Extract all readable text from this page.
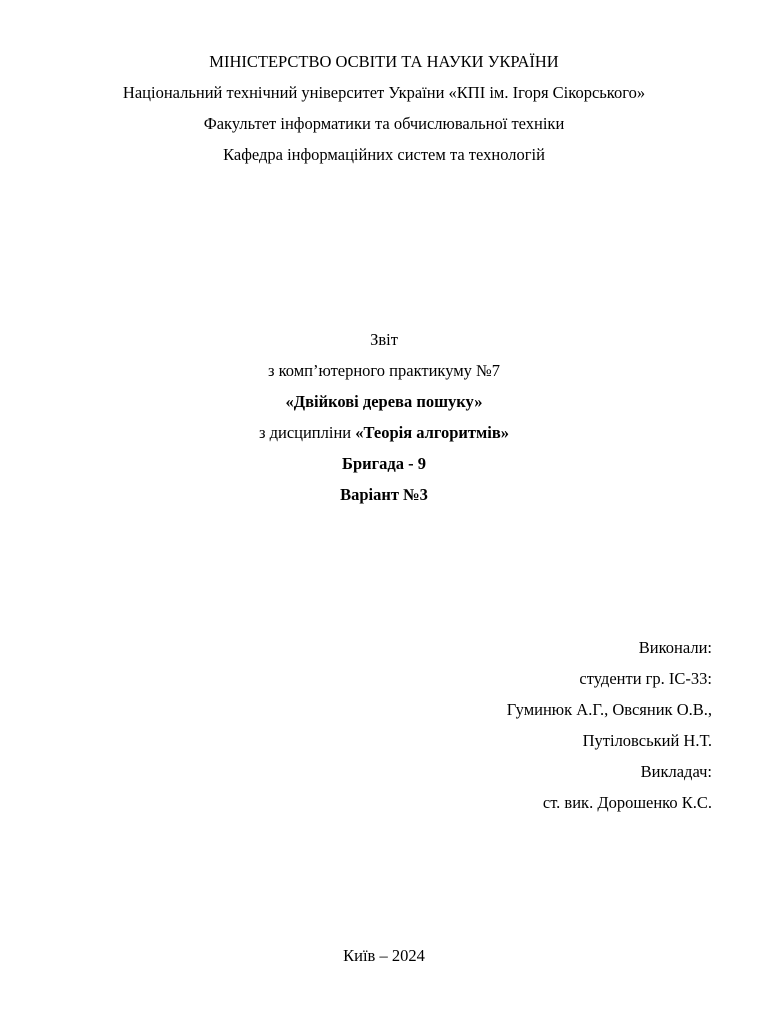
МІНІСТЕРСТВО ОСВІТИ ТА НАУКИ УКРАЇНИ
Національний технічний університет України «КПІ ім. Ігоря Сікорського»
Факультет інформатики та обчислювальної техніки
Кафедра інформаційних систем та технологій
Звіт
з комп’ютерного практикуму №7
«Двійкові дерева пошуку»
з дисципліни «Теорія алгоритмів»
Бригада - 9
Варіант №3
Виконали:
студенти гр. ІС-33:
Гуминюк А.Г., Овсяник О.В.,
Путіловський Н.Т.
Викладач:
ст. вик. Дорошенко К.С.
Київ – 2024
